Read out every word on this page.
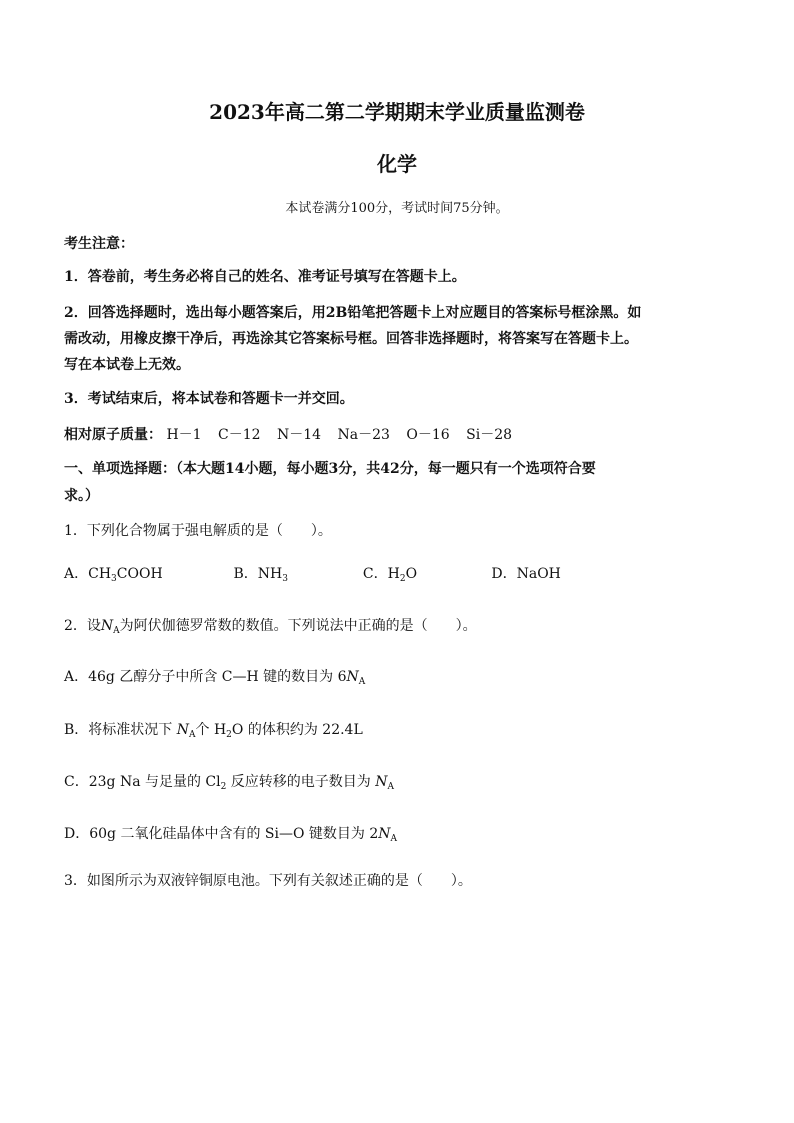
2023年高二第二学期期末学业质量监测卷
化学
本试卷满分100分，考试时间75分钟。
考生注意：
1．答卷前，考生务必将自己的姓名、准考证号填写在答题卡上。
2．回答选择题时，选出每小题答案后，用2B铅笔把答题卡上对应题目的答案标号框涂黑。如
需改动，用橡皮擦干净后，再选涂其它答案标号框。回答非选择题时，将答案写在答题卡上。
写在本试卷上无效。
3．考试结束后，将本试卷和答题卡一并交回。
相对原子质量： H－1 C－12 N－14 Na－23 O－16 Si－28
一、单项选择题：（本大题14小题，每小题3分，共42分，每一题只有一个选项符合要
求。）
1．下列化合物属于强电解质的是（　　）。
A．$CH_3COOH$	B．$NH_3$	C．$H_2O$	D．NaOH
2．设$N_A$为阿伏伽德罗常数的数值。下列说法中正确的是（　　）。
A．46g 乙醇分子中所含 C—H 键的数目为 $6N_A$
B．将标准状况下 $N_A$个 $H_2O$ 的体积约为 22.4L
C．23g Na 与足量的 $Cl_2$ 反应转移的电子数目为 $N_A$
D．60g 二氧化硅晶体中含有的 Si—O 键数目为 $2N_A$
3．如图所示为双液锌铜原电池。下列有关叙述正确的是（　　）。
